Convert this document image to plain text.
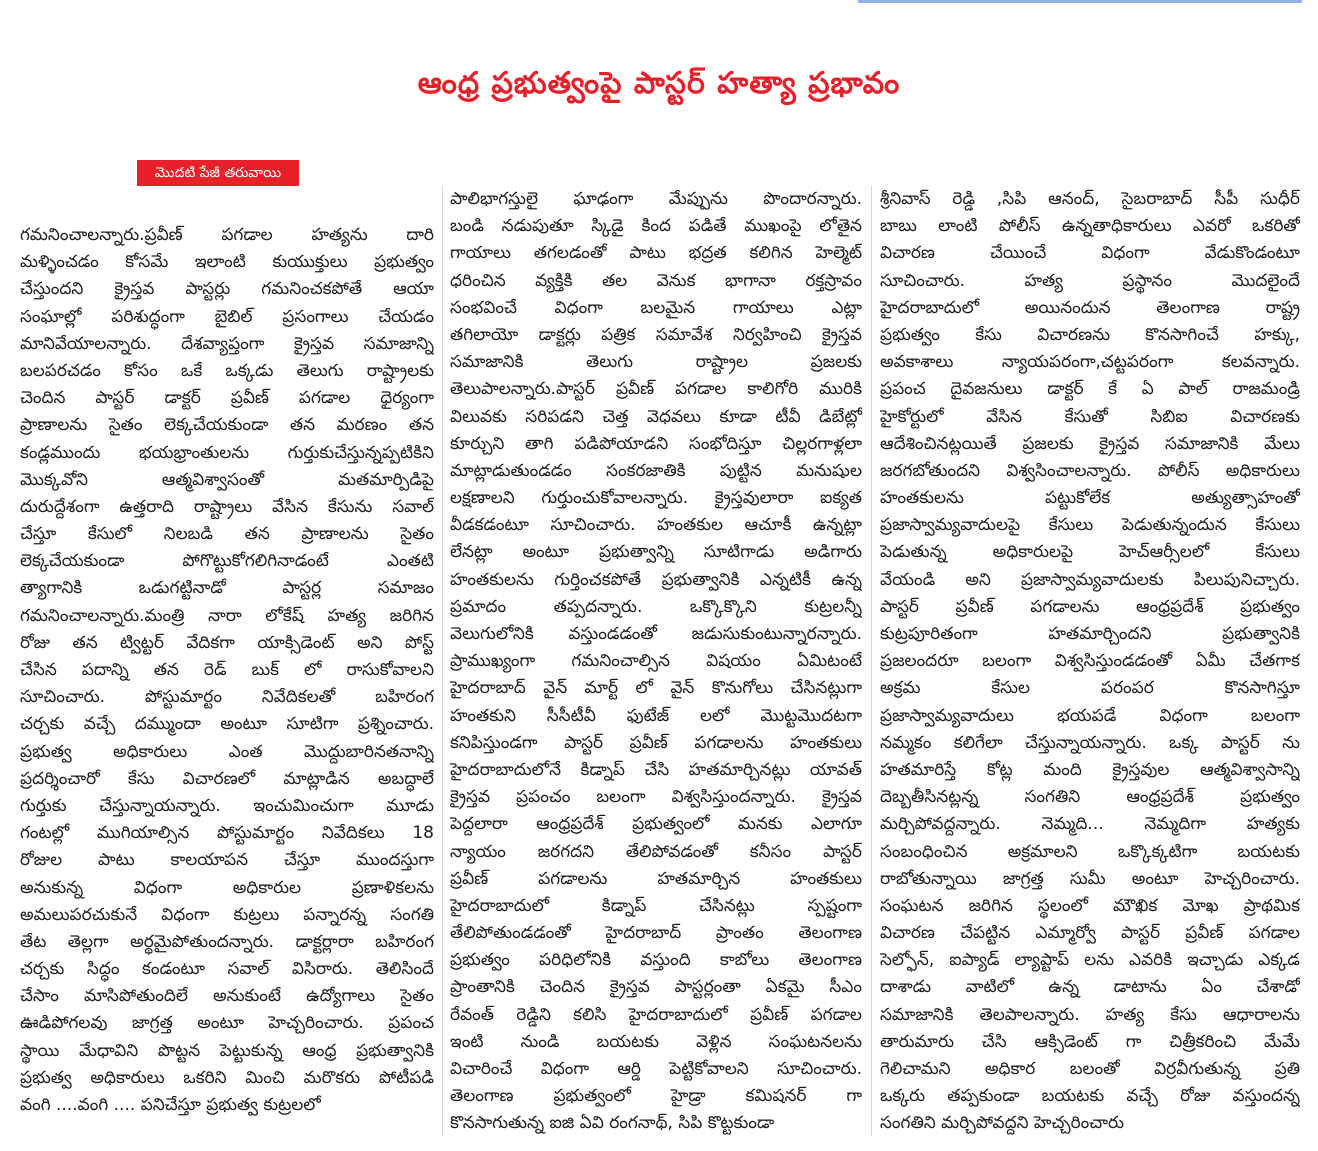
ఆంధ్ర ప్రభుత్వంపై పాస్టర్ హత్యా ప్రభావం
మొదటి పేజీ తరువాయి
గమనించాలన్నారు.ప్రవీణ్ పగడాల హత్యను దారి
మళ్ళించడం కోసమే ఇలాంటి కుయుక్తులు ప్రభుత్వం
చేస్తుందని క్రైస్తవ పాస్టర్లు గమనించకపోతే ఆయా
సంఘాల్లో పరిశుద్ధంగా బైబిల్ ప్రసంగాలు చేయడం
మానివేయాలన్నారు. దేశవ్యాప్తంగా క్రైస్తవ సమాజాన్ని
బలపరచడం కోసం ఒకే ఒక్కడు తెలుగు రాష్ట్రాలకు
చెందిన పాస్టర్ డాక్టర్ ప్రవీణ్ పగడాల ధైర్యంగా
ప్రాణాలను సైతం లెక్కచేయకుండా తన మరణం తన
కండ్లముందు భయభ్రాంతులను గుర్తుకుచేస్తున్నప్పటికిని
మొక్కవోని ఆత్మవిశ్వాసంతో మతమార్పిడిపై
దురుద్దేశంగా ఉత్తరాది రాష్ట్రాలు వేసిన కేసును సవాల్
చేస్తూ కేసులో నిలబడి తన ప్రాణాలను సైతం
లెక్కచేయకుండా పోగొట్టుకోగలిగినాడంటే ఎంతటి
త్యాగానికి ఒడుగట్టినాడో పాస్టర్ల సమాజం
గమనించాలన్నారు.మంత్రి నారా లోకేష్ హత్య జరిగిన
రోజు తన ట్విట్టర్ వేదికగా యాక్సిడెంట్ అని పోస్ట్
చేసిన పదాన్ని తన రెడ్ బుక్ లో రాసుకోవాలని
సూచించారు. పోస్టుమార్టం నివేదికలతో బహిరంగ
చర్చకు వచ్చే దమ్ముందా అంటూ సూటిగా ప్రశ్నించారు.
ప్రభుత్వ అధికారులు ఎంత మొద్దుబారినతనాన్ని
ప్రదర్శించారో కేసు విచారణలో మాట్లాడిన అబద్ధాలే
గుర్తుకు చేస్తున్నాయన్నారు. ఇంచుమించుగా మూడు
గంటల్లో ముగియాల్సిన పోస్టుమార్టం నివేదికలు 18
రోజుల పాటు కాలయాపన చేస్తూ ముందస్తుగా
అనుకున్న విధంగా అధికారుల ప్రణాళికలను
అమలుపరచుకునే విధంగా కుట్రలు పన్నారన్న సంగతి
తేట తెల్లగా అర్థమైపోతుందన్నారు. డాక్టర్లారా బహిరంగ
చర్చకు సిద్ధం కండంటూ సవాల్ విసిరారు. తెలిసిందే
చేసాం మాసిపోతుందిలే అనుకుంటే ఉద్యోగాలు సైతం
ఊడిపోగలవు జాగ్రత్త అంటూ హెచ్చరించారు. ప్రపంచ
స్థాయి మేధావిని పొట్టన పెట్టుకున్న ఆంధ్ర ప్రభుత్వానికి
ప్రభుత్వ అధికారులు ఒకరిని మించి మరొకరు పోటీపడి
వంగి ....వంగి .... పనిచేస్తూ ప్రభుత్వ కుట్రలలో
పాలిభాగస్తులై ఘాఢంగా మేప్పును పొందారన్నారు.
బండి నడుపుతూ స్కిడై కింద పడితే ముఖంపై లోతైన
గాయాలు తగలడంతో పాటు భద్రత కలిగిన హెల్మెట్
ధరించిన వ్యక్తికి తల వెనుక భాగానా రక్తస్రావం
సంభవించే విధంగా బలమైన గాయాలు ఎట్లా
తగిలాయో డాక్టర్లు పత్రిక సమావేశ నిర్వహించి క్రైస్తవ
సమాజానికి తెలుగు రాష్ట్రాల ప్రజలకు
తెలుపాలన్నారు.పాస్టర్ ప్రవీణ్ పగడాల కాలిగోరి మురికి
విలువకు సరిపడని చెత్త వెధవలు కూడా టీవీ డిబేట్లో
కూర్చుని తాగి పడిపోయాడని సంభోదిస్తూ చిల్లరగాళ్లలా
మాట్లాడుతుండడం సంకరజాతికి పుట్టిన మనుషుల
లక్షణాలని గుర్తుంచుకోవాలన్నారు. క్రైస్తవులారా ఐక్యత
వీడకడంటూ సూచించారు. హంతకుల ఆచూకీ ఉన్నట్లా
లేనట్లా అంటూ ప్రభుత్వాన్ని సూటిగాడు అడిగారు
హంతకులను గుర్తించకపోతే ప్రభుత్వానికి ఎన్నటికీ ఉన్న
ప్రమాదం తప్పదన్నారు. ఒక్కొక్కొని కుట్రలన్నీ
వెలుగులోనికి వస్తుండడంతో జడుసుకుంటున్నారన్నారు.
ప్రాముఖ్యంగా గమనించాల్సిన విషయం ఏమిటంటే
హైదరాబాద్ వైన్ మార్ట్ లో వైన్ కొనుగోలు చేసినట్లుగా
హంతకుని సీసీటీవీ ఫుటేజ్ లలో మొట్టమొదటగా
కనిపిస్తుండగా పాస్టర్ ప్రవీణ్ పగడాలను హంతకులు
హైదరాబాదులోనే కిడ్నాప్ చేసి హతమార్చినట్లు యావత్
క్రైస్తవ ప్రపంచం బలంగా విశ్వసిస్తుందన్నారు. క్రైస్తవ
పెద్దలారా ఆంధ్రప్రదేశ్ ప్రభుత్వంలో మనకు ఎలాగూ
న్యాయం జరగదని తేలిపోవడంతో కనీసం పాస్టర్
ప్రవీణ్ పగడాలను హతమార్చిన హంతకులు
హైదరాబాదులో కిడ్నాప్ చేసినట్లు స్పష్టంగా
తేలిపోతుండడంతో హైదరాబాద్ ప్రాంతం తెలంగాణ
ప్రభుత్వం పరిధిలోనికి వస్తుంది కాబోలు తెలంగాణ
ప్రాంతానికి చెందిన క్రైస్తవ పాస్టర్లంతా ఏకమై సీఎం
రేవంత్ రెడ్డిని కలిసి హైదరాబాదులో ప్రవీణ్ పగడాల
ఇంటి నుండి బయటకు వెళ్లిన సంఘటనలను
విచారించే విధంగా ఆర్డి పెట్టికోవాలని సూచించారు.
తెలంగాణ ప్రభుత్వంలో హైడ్రా కమిషనర్ గా
కొనసాగుతున్న ఐజి ఏవి రంగనాథ్, సిపి కొట్టకుండా
శ్రీనివాస్ రెడ్డి ,సిపి ఆనంద్, సైబరాబాద్ సీపీ సుధీర్
బాబు లాంటి పోలీస్ ఉన్నతాధికారులు ఎవరో ఒకరితో
విచారణ చేయించే విధంగా వేడుకొండంటూ
సూచించారు. హత్య ప్రస్థానం మొదలైందే
హైదరాబాదులో అయినందున తెలంగాణ రాష్ట్ర
ప్రభుత్వం కేసు విచారణను కొనసాగించే హక్కు,
అవకాశాలు న్యాయపరంగా,చట్టపరంగా కలవన్నారు.
ప్రపంచ దైవజనులు డాక్టర్ కే ఏ పాల్ రాజమండ్రి
హైకోర్టులో వేసిన కేసుతో సిబిఐ విచారణకు
ఆదేశించినట్లయితే ప్రజలకు క్రైస్తవ సమాజానికి మేలు
జరగబోతుందని విశ్వసించాలన్నారు. పోలీస్ అధికారులు
హంతకులను పట్టుకోలేక అత్యుత్సాహంతో
ప్రజాస్వామ్యవాదులపై కేసులు పెడుతున్నందున కేసులు
పెడుతున్న అధికారులపై హెచ్ఆర్సీలలో కేసులు
వేయండి అని ప్రజాస్వామ్యవాదులకు పిలుపునిచ్చారు.
పాస్టర్ ప్రవీణ్ పగడాలను ఆంధ్రప్రదేశ్ ప్రభుత్వం
కుట్రపూరితంగా హతమార్చిందని ప్రభుత్వానికి
ప్రజలందరూ బలంగా విశ్వసిస్తుండడంతో ఏమీ చేతగాక
అక్రమ కేసుల పరంపర కొనసాగిస్తూ
ప్రజాస్వామ్యవాదులు భయపడే విధంగా బలంగా
నమ్మకం కలిగేలా చేస్తున్నాయన్నారు. ఒక్క పాస్టర్ ను
హతమారిస్తే కోట్ల మంది క్రైస్తవుల ఆత్మవిశ్వాసాన్ని
దెబ్బతీసినట్లన్న సంగతిని ఆంధ్రప్రదేశ్ ప్రభుత్వం
మర్చిపోవద్దన్నారు. నెమ్మది... నెమ్మదిగా హత్యకు
సంబంధించిన అక్రమాలని ఒక్కొక్కటిగా బయటకు
రాబోతున్నాయి జాగ్రత్త సుమీ అంటూ హెచ్చరించారు.
సంఘటన జరిగిన స్థలంలో మౌఖిక మోఖ ప్రాథమిక
విచారణ చేపట్టిన ఎమ్మార్వో పాస్టర్ ప్రవీణ్ పగడాల
సెల్ఫోన్, ఐప్యాడ్ ల్యాప్టాప్ లను ఎవరికి ఇచ్చాడు ఎక్కడ
దాశాడు వాటిలో ఉన్న డాటాను ఏం చేశాడో
సమాజానికి తెలపాలన్నారు. హత్య కేసు ఆధారాలను
తారుమారు చేసి ఆక్సిడెంట్ గా చిత్రీకరించి మేమే
గెలిచామని అధికార బలంతో విర్రవీగుతున్న ప్రతి
ఒక్కరు తప్పకుండా బయటకు వచ్చే రోజు వస్తుందన్న
సంగతిని మర్చిపోవద్దని హెచ్చరించారు
